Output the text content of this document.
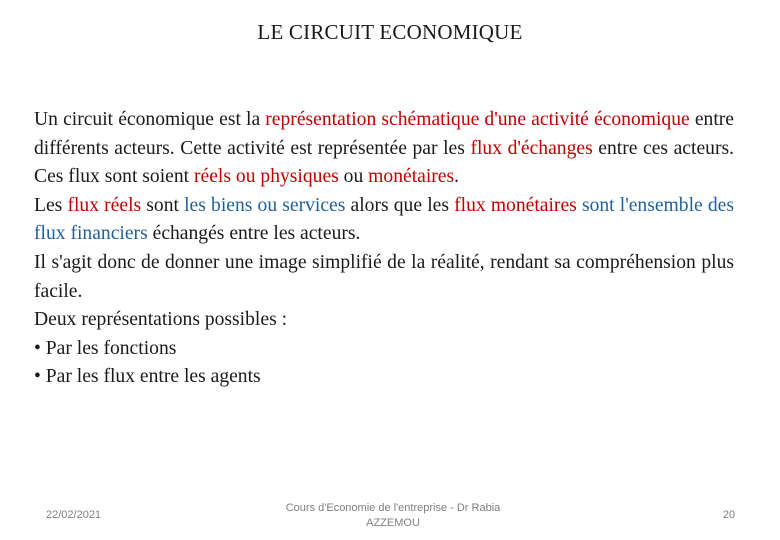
LE CIRCUIT ECONOMIQUE

Un circuit économique est la représentation schématique d'une activité économique entre différents acteurs. Cette activité est représentée par les flux d'échanges entre ces acteurs. Ces flux sont soient réels ou physiques ou monétaires.

Les flux réels sont les biens ou services alors que les flux monétaires sont l'ensemble des flux financiers échangés entre les acteurs.

Il s'agit donc de donner une image simplifié de la réalité, rendant sa compréhension plus facile.

Deux représentations possibles :

• Par les fonctions
• Par les flux entre les agents
22/02/2021
Cours d'Economie de l'entreprise - Dr Rabia AZZEMOU
20
